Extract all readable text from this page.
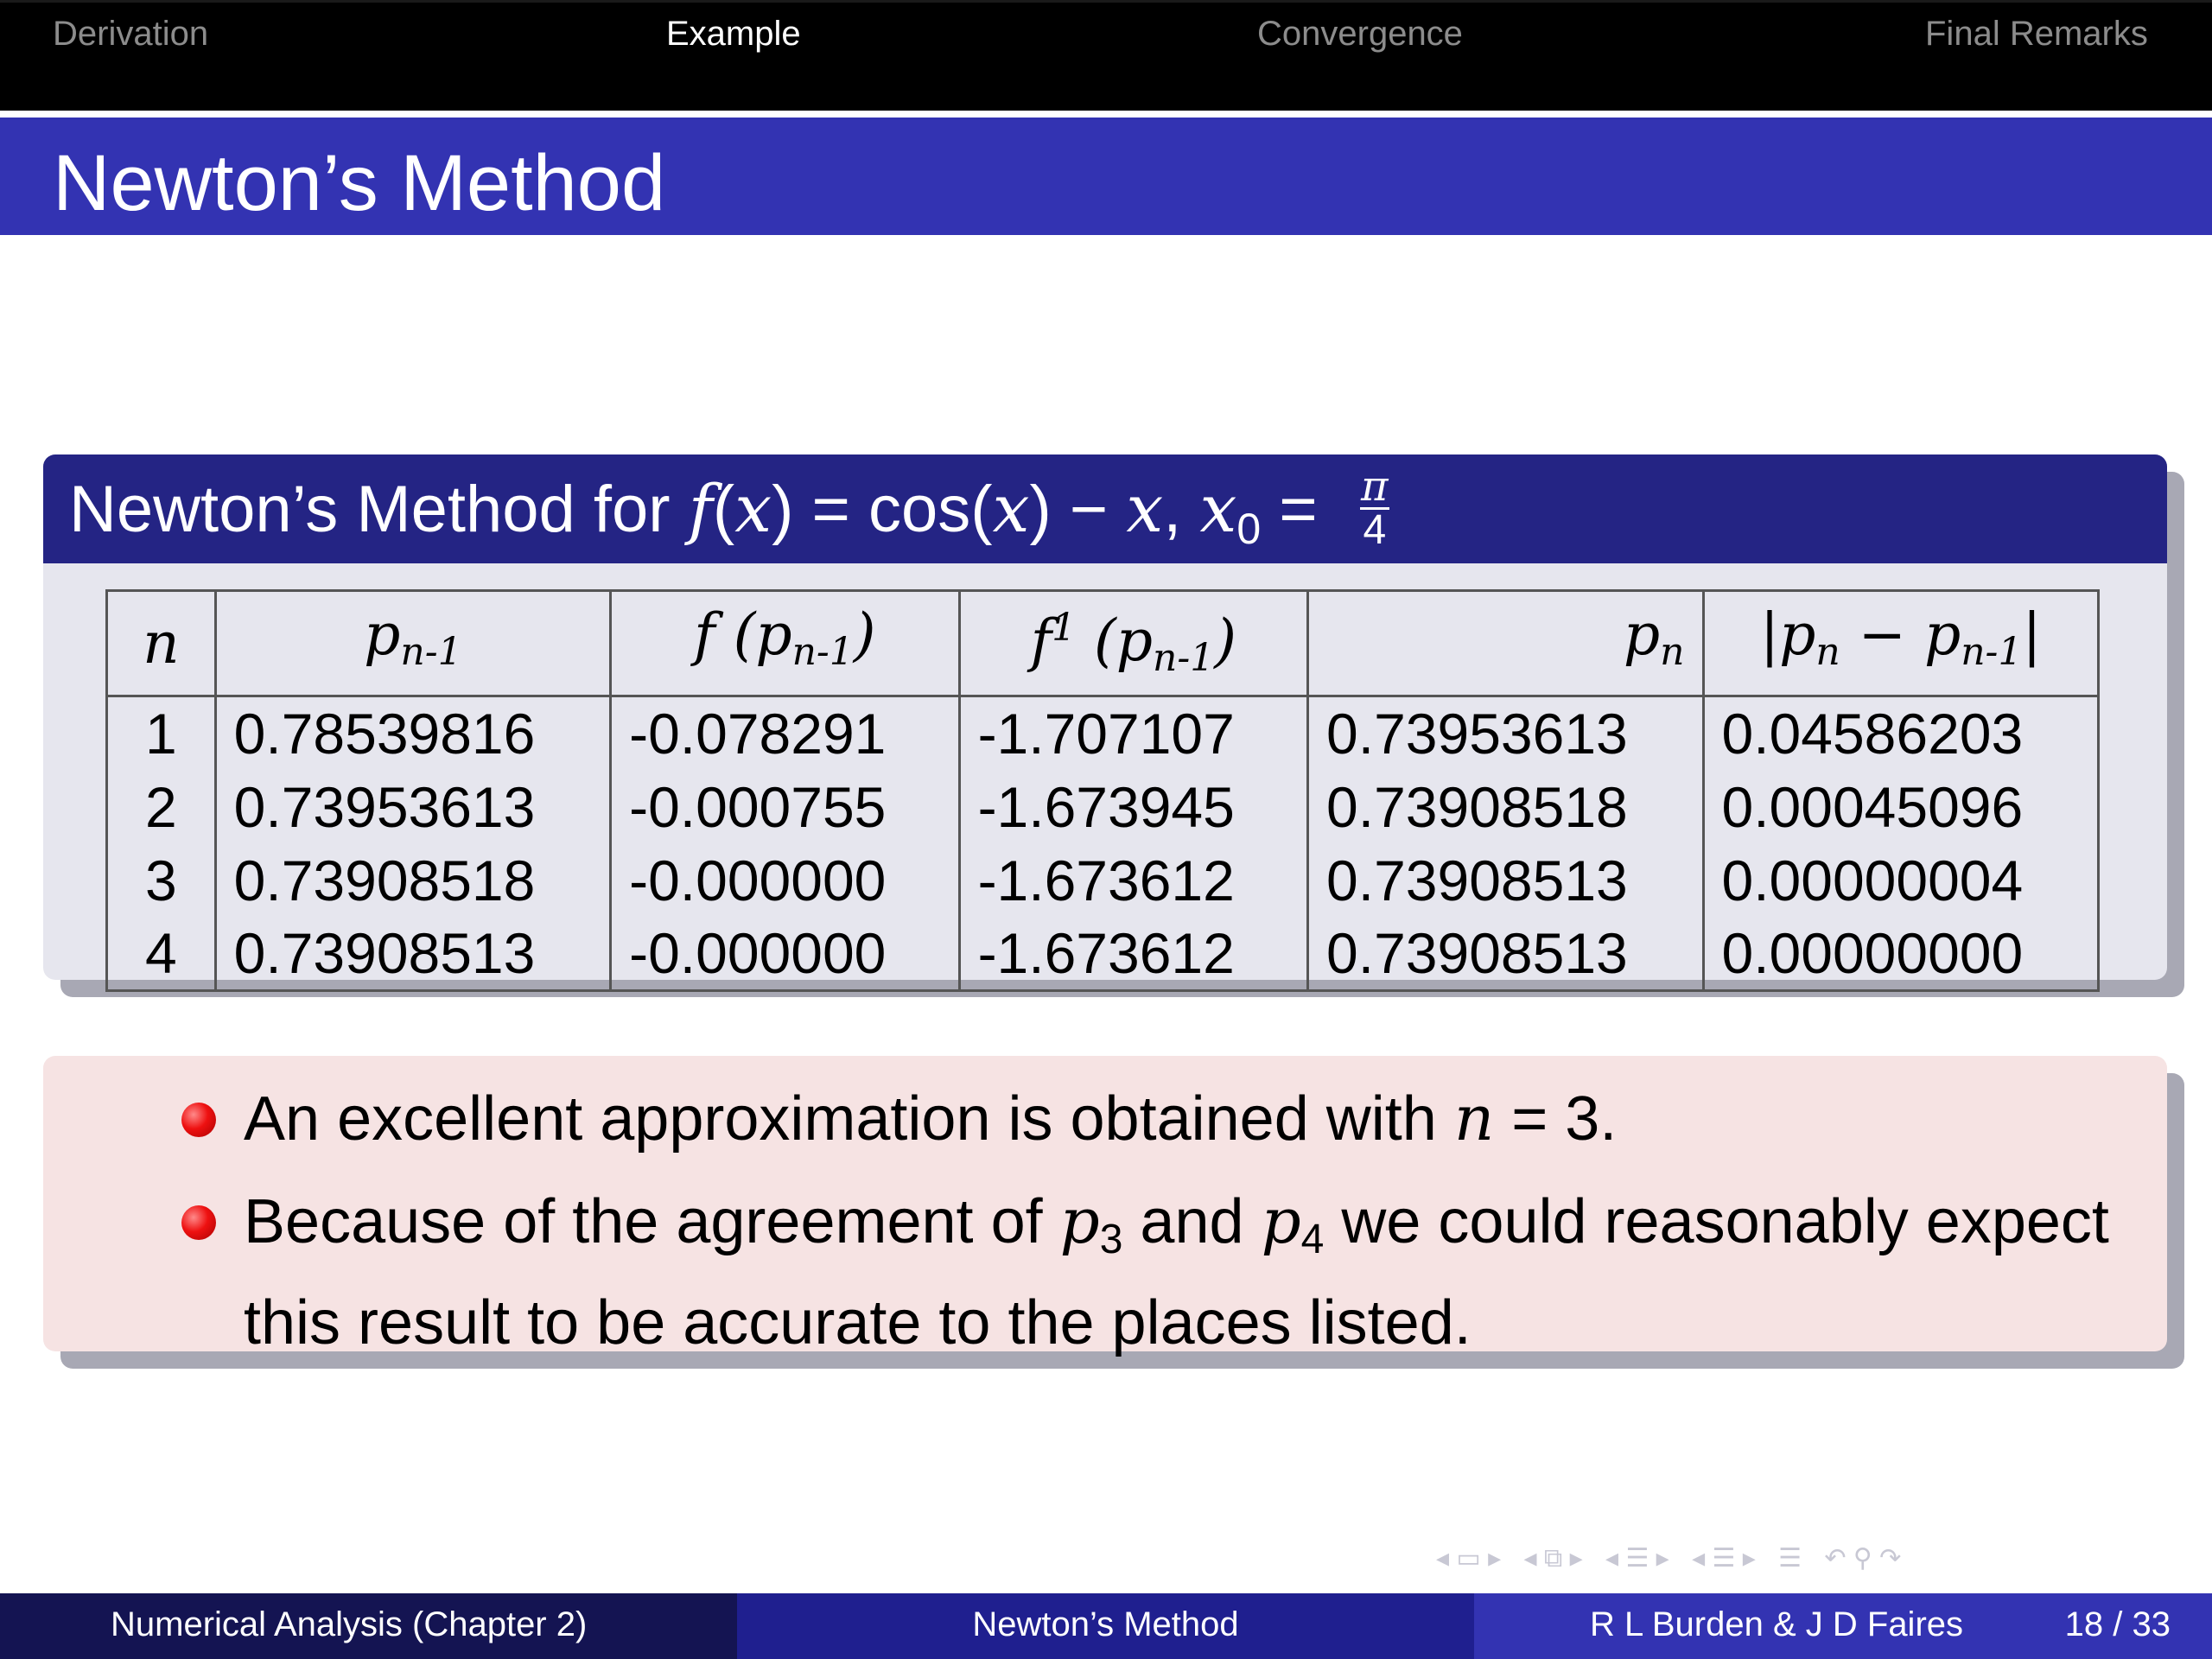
Derivation	Example	Convergence	Final Remarks
Newton’s Method
Newton’s Method for f(x) = cos(x) − x, $x_0 = \frac{\pi}{4}$
n	$p_{n-1}$	f $(p_{n-1})$	$f^1$ $(p_{n-1})$	$p_n$	$|p_n - p_{n-1}|$
1	0.78539816	-0.078291	-1.707107	0.73953613	0.04586203
2	0.73953613	-0.000755	-1.673945	0.73908518	0.00045096
3	0.73908518	-0.000000	-1.673612	0.73908513	0.00000004
4	0.73908513	-0.000000	-1.673612	0.73908513	0.00000000
An excellent approximation is obtained with n = 3.
Because of the agreement of $p_3$ and $p_4$ we could reasonably expect this result to be accurate to the places listed.
◂ ▭ ▸ ◂ ⧉ ▸ ◂ ☰ ▸ ◂ ☰ ▸ ☰ ↶ ⚲ ↷
Numerical Analysis (Chapter 2)	Newton’s Method	R L Burden & J D Faires	18 / 33
